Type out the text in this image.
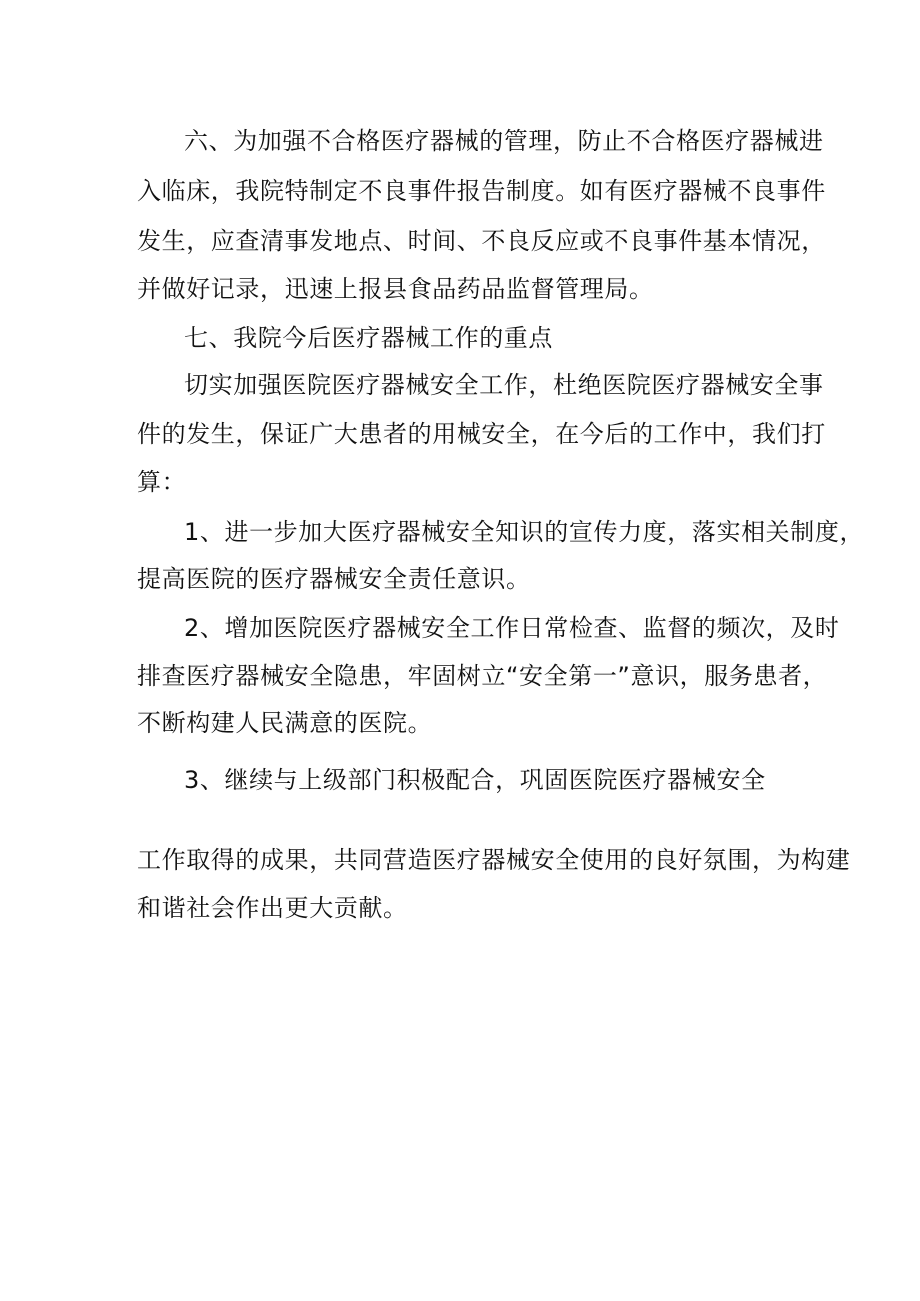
六、为加强不合格医疗器械的管理，防止不合格医疗器械进
入临床，我院特制定不良事件报告制度。如有医疗器械不良事件
发生，应查清事发地点、时间、不良反应或不良事件基本情况，
并做好记录，迅速上报县食品药品监督管理局。
七、我院今后医疗器械工作的重点
切实加强医院医疗器械安全工作，杜绝医院医疗器械安全事
件的发生，保证广大患者的用械安全，在今后的工作中，我们打
算：
1、进一步加大医疗器械安全知识的宣传力度，落实相关制度，
提高医院的医疗器械安全责任意识。
2、增加医院医疗器械安全工作日常检查、监督的频次，及时
排查医疗器械安全隐患，牢固树立“安全第一”意识，服务患者，
不断构建人民满意的医院。
3、继续与上级部门积极配合，巩固医院医疗器械安全
工作取得的成果，共同营造医疗器械安全使用的良好氛围，为构建
和谐社会作出更大贡献。
